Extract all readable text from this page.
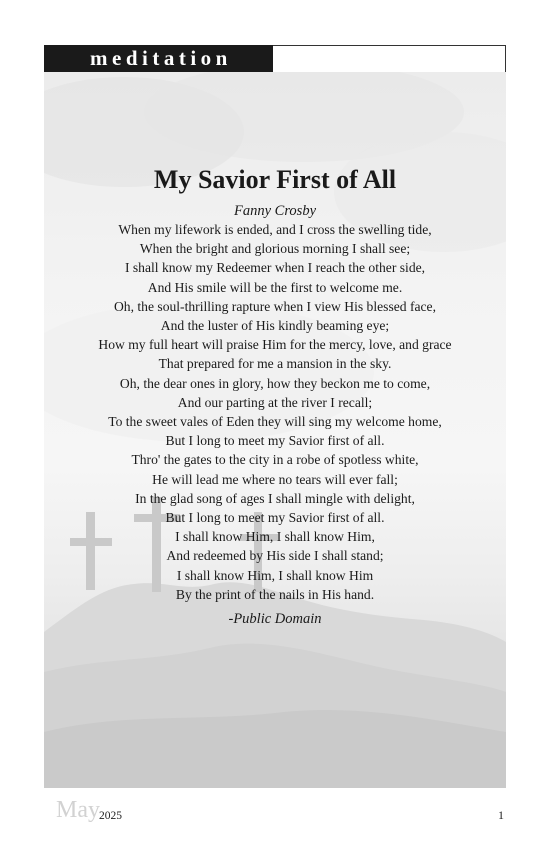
meditation
My Savior First of All
Fanny Crosby
When my lifework is ended, and I cross the swelling tide,
When the bright and glorious morning I shall see;
I shall know my Redeemer when I reach the other side,
And His smile will be the first to welcome me.
Oh, the soul-thrilling rapture when I view His blessed face,
And the luster of His kindly beaming eye;
How my full heart will praise Him for the mercy, love, and grace
That prepared for me a mansion in the sky.
Oh, the dear ones in glory, how they beckon me to come,
And our parting at the river I recall;
To the sweet vales of Eden they will sing my welcome home,
But I long to meet my Savior first of all.
Thro' the gates to the city in a robe of spotless white,
He will lead me where no tears will ever fall;
In the glad song of ages I shall mingle with delight,
But I long to meet my Savior first of all.
I shall know Him, I shall know Him,
And redeemed by His side I shall stand;
I shall know Him, I shall know Him
By the print of the nails in His hand.
-Public Domain
May 2025	1
